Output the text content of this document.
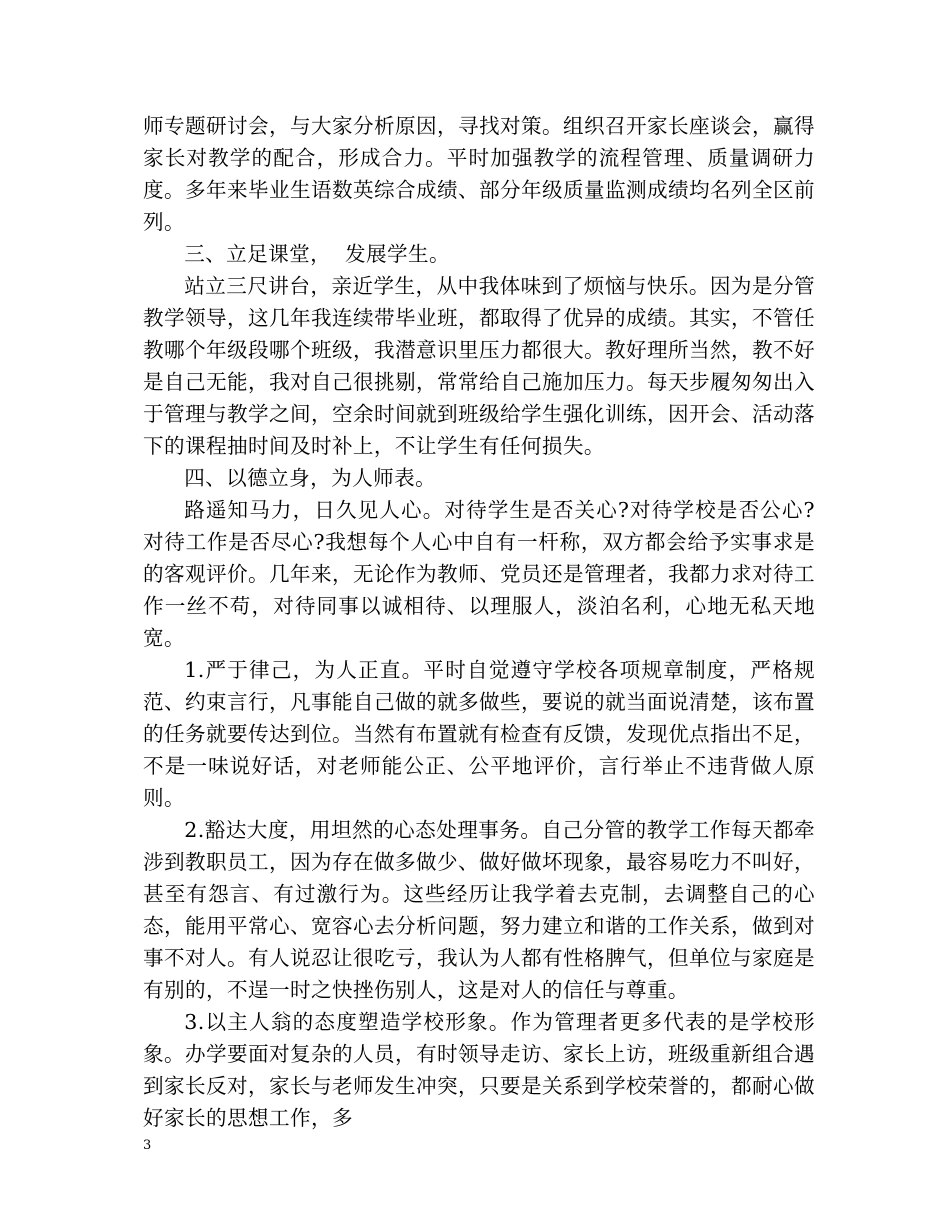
师专题研讨会，与大家分析原因，寻找对策。组织召开家长座谈会，赢得家长对教学的配合，形成合力。平时加强教学的流程管理、质量调研力度。多年来毕业生语数英综合成绩、部分年级质量监测成绩均名列全区前列。

三、立足课堂，  发展学生。

站立三尺讲台，亲近学生，从中我体味到了烦恼与快乐。因为是分管教学领导，这几年我连续带毕业班，都取得了优异的成绩。其实，不管任教哪个年级段哪个班级，我潜意识里压力都很大。教好理所当然，教不好是自己无能，我对自己很挑剔，常常给自己施加压力。每天步履匆匆出入于管理与教学之间，空余时间就到班级给学生强化训练，因开会、活动落下的课程抽时间及时补上，不让学生有任何损失。

四、以德立身，为人师表。

路遥知马力，日久见人心。对待学生是否关心?对待学校是否公心?对待工作是否尽心?我想每个人心中自有一杆称，双方都会给予实事求是的客观评价。几年来，无论作为教师、党员还是管理者，我都力求对待工作一丝不苟，对待同事以诚相待、以理服人，淡泊名利，心地无私天地宽。

1.严于律己，为人正直。平时自觉遵守学校各项规章制度，严格规范、约束言行，凡事能自己做的就多做些，要说的就当面说清楚，该布置的任务就要传达到位。当然有布置就有检查有反馈，发现优点指出不足，不是一味说好话，对老师能公正、公平地评价，言行举止不违背做人原则。

2.豁达大度，用坦然的心态处理事务。自己分管的教学工作每天都牵涉到教职员工，因为存在做多做少、做好做坏现象，最容易吃力不叫好，甚至有怨言、有过激行为。这些经历让我学着去克制，去调整自己的心态，能用平常心、宽容心去分析问题，努力建立和谐的工作关系，做到对事不对人。有人说忍让很吃亏，我认为人都有性格脾气，但单位与家庭是有别的，不逞一时之快挫伤别人，这是对人的信任与尊重。

3.以主人翁的态度塑造学校形象。作为管理者更多代表的是学校形象。办学要面对复杂的人员，有时领导走访、家长上访，班级重新组合遇到家长反对，家长与老师发生冲突，只要是关系到学校荣誉的，都耐心做好家长的思想工作，多

3
